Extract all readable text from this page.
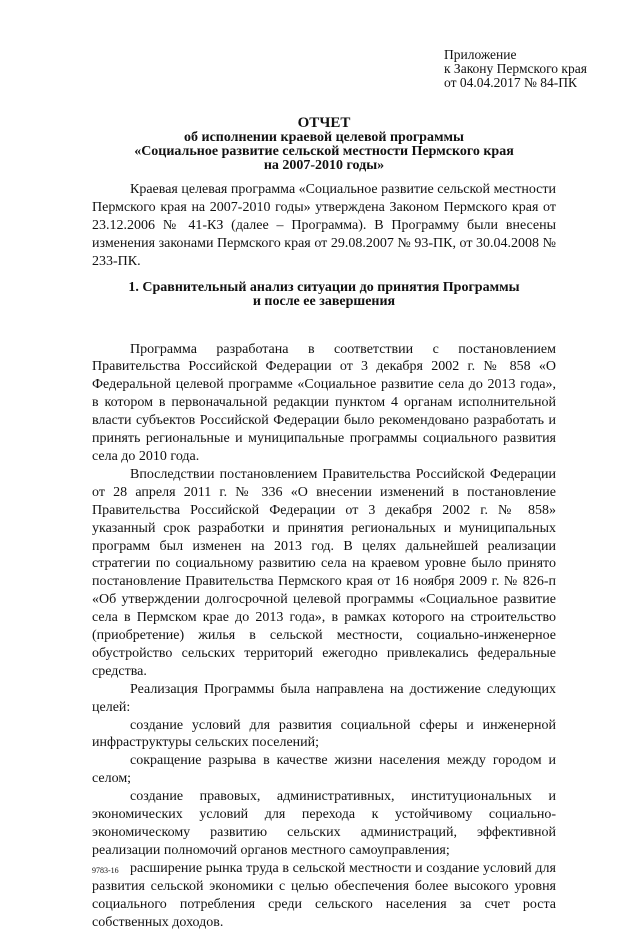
Приложение
к Закону Пермского края
от 04.04.2017 № 84-ПК
ОТЧЕТ
об исполнении краевой целевой программы
«Социальное развитие сельской местности Пермского края
на 2007-2010 годы»

Краевая целевая программа «Социальное развитие сельской местности Пермского края на 2007-2010 годы» утверждена Законом Пермского края от 23.12.2006 № 41-КЗ (далее – Программа). В Программу были внесены изменения законами Пермского края от 29.08.2007 № 93-ПК, от 30.04.2008 № 233-ПК.

1. Сравнительный анализ ситуации до принятия Программы
и после ее завершения

Программа разработана в соответствии с постановлением Правительства Российской Федерации от 3 декабря 2002 г. № 858 «О Федеральной целевой программе «Социальное развитие села до 2013 года», в котором в первоначальной редакции пунктом 4 органам исполнительной власти субъектов Российской Федерации было рекомендовано разработать и принять региональные и муниципальные программы социального развития села до 2010 года.

Впоследствии постановлением Правительства Российской Федерации от 28 апреля 2011 г. № 336 «О внесении изменений в постановление Правительства Российской Федерации от 3 декабря 2002 г. № 858» указанный срок разработки и принятия региональных и муниципальных программ был изменен на 2013 год. В целях дальнейшей реализации стратегии по социальному развитию села на краевом уровне было принято постановление Правительства Пермского края от 16 ноября 2009 г. № 826-п «Об утверждении долгосрочной целевой программы «Социальное развитие села в Пермском крае до 2013 года», в рамках которого на строительство (приобретение) жилья в сельской местности, социально-инженерное обустройство сельских территорий ежегодно привлекались федеральные средства.

Реализация Программы была направлена на достижение следующих целей:

создание условий для развития социальной сферы и инженерной инфраструктуры сельских поселений;

сокращение разрыва в качестве жизни населения между городом и селом;

создание правовых, административных, институциональных и экономических условий для перехода к устойчивому социально-экономическому развитию сельских администраций, эффективной реализации полномочий органов местного самоуправления;

расширение рынка труда в сельской местности и создание условий для развития сельской экономики с целью обеспечения более высокого уровня социального потребления среди сельского населения за счет роста собственных доходов.

9783-16
